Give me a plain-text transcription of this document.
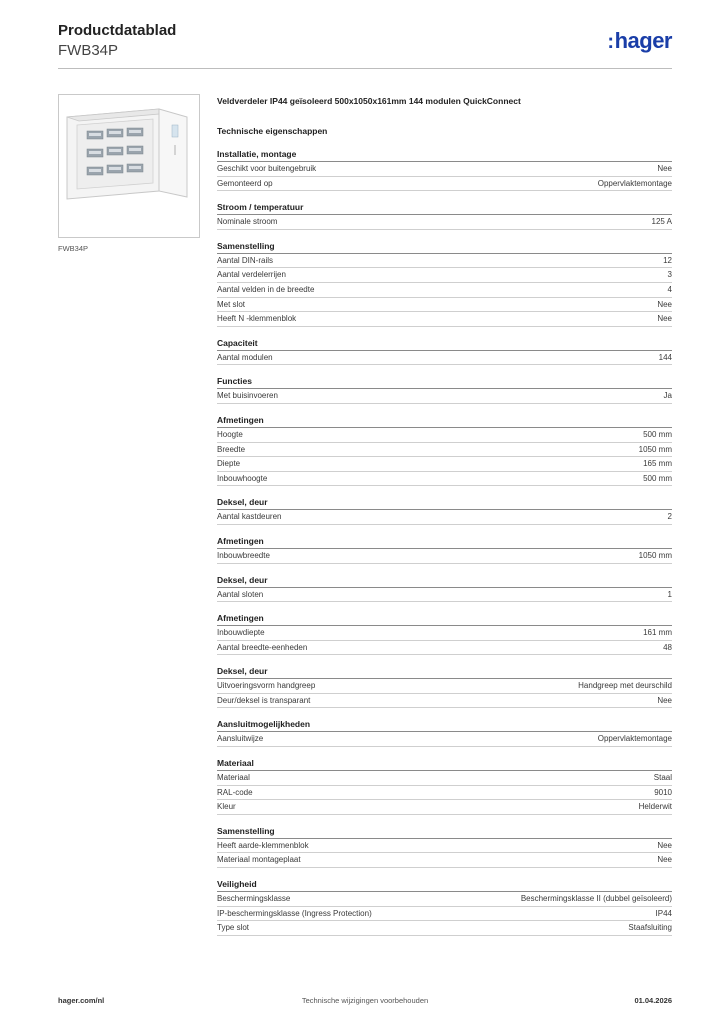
Productdatablad
FWB34P	:hager
FWB34P
Veldverdeler IP44 geïsoleerd 500x1050x161mm 144 modulen QuickConnect
Technische eigenschappen
Installatie, montage
Geschikt voor buitengebruik	Nee
Gemonteerd op	Oppervlaktemontage
Stroom / temperatuur
Nominale stroom	125 A
Samenstelling
Aantal DIN-rails	12
Aantal verdelerrijen	3
Aantal velden in de breedte	4
Met slot	Nee
Heeft N -klemmenblok	Nee
Capaciteit
Aantal modulen	144
Functies
Met buisinvoeren	Ja
Afmetingen
Hoogte	500 mm
Breedte	1050 mm
Diepte	165 mm
Inbouwhoogte	500 mm
Deksel, deur
Aantal kastdeuren	2
Afmetingen
Inbouwbreedte	1050 mm
Deksel, deur
Aantal sloten	1
Afmetingen
Inbouwdiepte	161 mm
Aantal breedte-eenheden	48
Deksel, deur
Uitvoeringsvorm handgreep	Handgreep met deurschild
Deur/deksel is transparant	Nee
Aansluitmogelijkheden
Aansluitwijze	Oppervlaktemontage
Materiaal
Materiaal	Staal
RAL-code	9010
Kleur	Helderwit
Samenstelling
Heeft aarde-klemmenblok	Nee
Materiaal montageplaat	Nee
Veiligheid
Beschermingsklasse	Beschermingsklasse II (dubbel geïsoleerd)
IP-beschermingsklasse (Ingress Protection)	IP44
Type slot	Staafsluiting
hager.com/nl	Technische wijzigingen voorbehouden	01.04.2026
